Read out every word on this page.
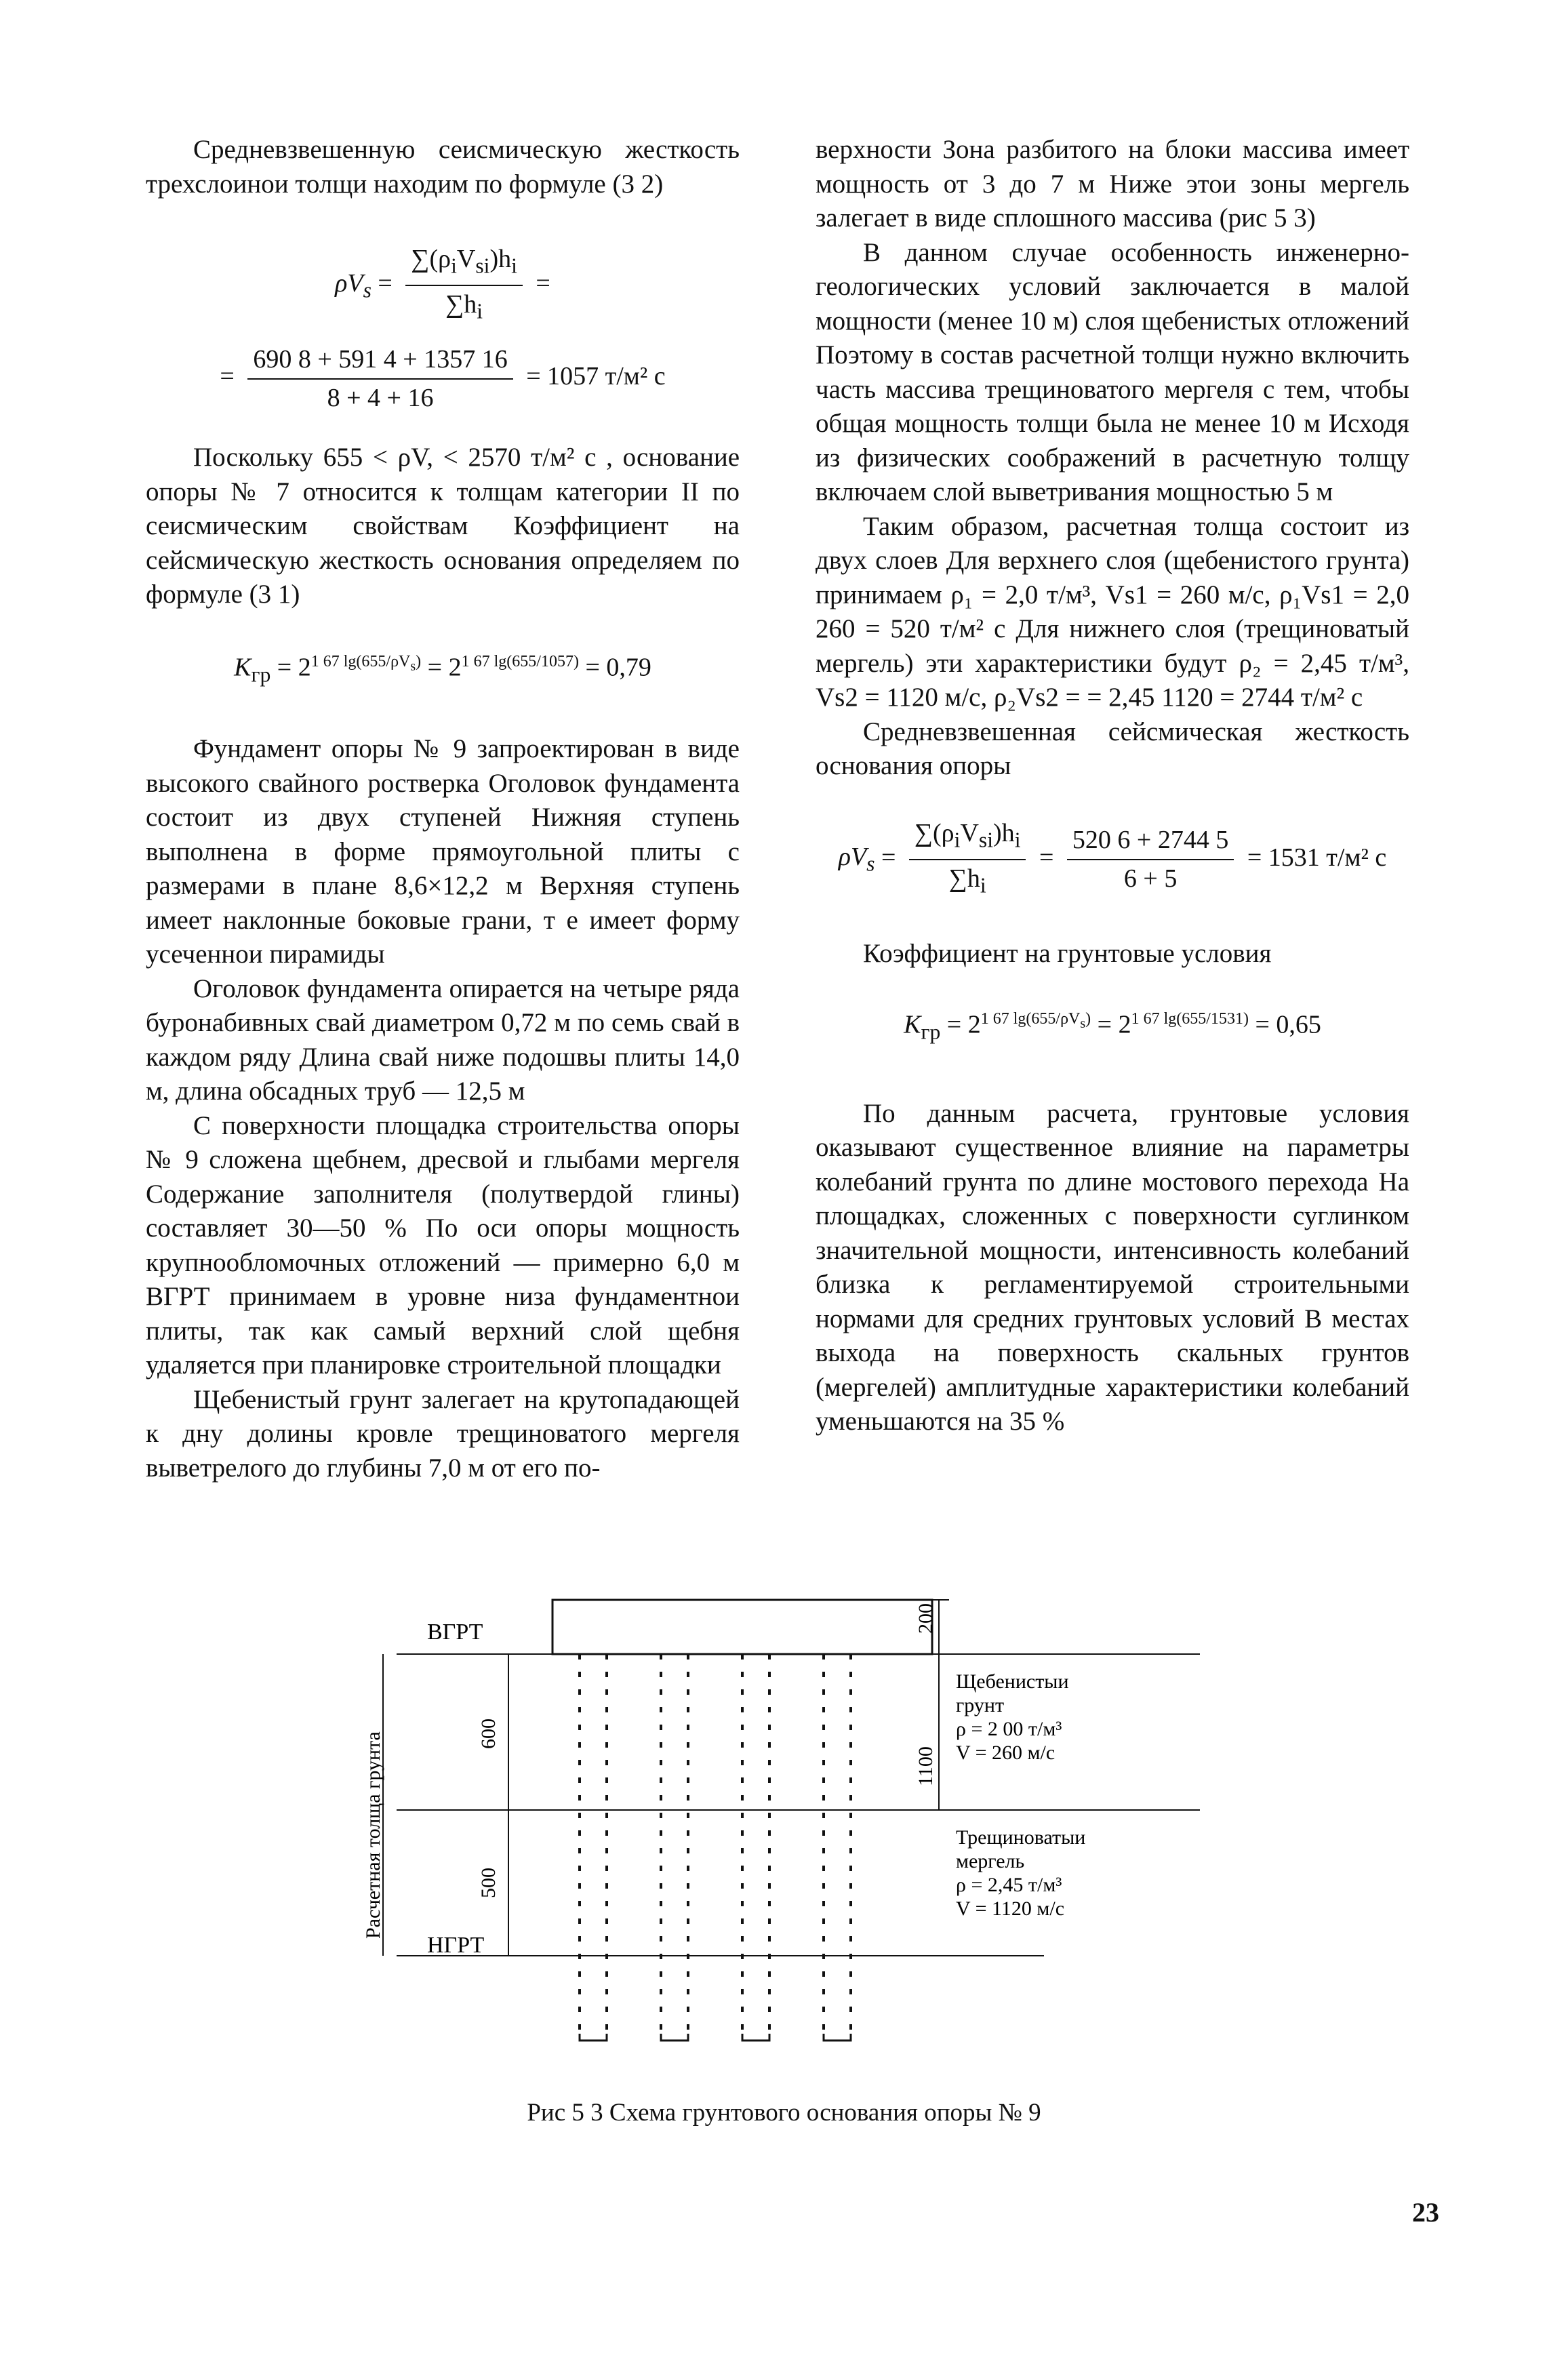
Средневзвешенную сеисмическую жесткость трехслоинои толщи находим по формуле (3 2)

$\rho V_s = \frac{\sum(\rho_iV_{si})h_i}{\sum h_i}$ =
= $\frac{690 8 + 591 4 + 1357 16}{8 + 4 + 16} = 1057$ т/м² с

Поскольку 655 < ρV, < 2570 т/м² с , основание опоры № 7 относится к толщам категории II по сеисмическим свойствам Коэффициент на сейсмическую жесткость основания определяем по формуле (3 1)

$K_{гр} = 2^{1 67 lg(655/\rho V_s)} = 2^{1 67 lg(655/1057)} = 0,79$

Фундамент опоры № 9 запроектирован в виде высокого свайного ростверка Оголовок фундамента состоит из двух ступеней Нижняя ступень выполнена в форме прямоугольной плиты с размерами в плане 8,6×12,2 м Верхняя ступень имеет наклонные боковые грани, т е имеет форму усеченнои пирамиды

Оголовок фундамента опирается на четыре ряда буронабивных свай диаметром 0,72 м по семь свай в каждом ряду Длина свай ниже подошвы плиты 14,0 м, длина обсадных труб — 12,5 м

С поверхности площадка строительства опоры № 9 сложена щебнем, дресвой и глыбами мергеля Содержание заполнителя (полутвердой глины) составляет 30—50 % По оси опоры мощность крупнообломочных отложений — примерно 6,0 м ВГРТ принимаем в уровне низа фундаментнои плиты, так как самый верхний слой щебня удаляется при планировке строительной площадки

Щебенистый грунт залегает на крутопадающей к дну долины кровле трещиноватого мергеля выветрелого до глубины 7,0 м от его по-

верхности Зона разбитого на блоки массива имеет мощность от 3 до 7 м Ниже этои зоны мергель залегает в виде сплошного массива (рис 5 3)

В данном случае особенность инженерно-геологических условий заключается в малой мощности (менее 10 м) слоя щебенистых отложений Поэтому в состав расчетной толщи нужно включить часть массива трещиноватого мергеля с тем, чтобы общая мощность толщи была не менее 10 м Исходя из физических соображений в расчетную толщу включаем слой выветривания мощностью 5 м

Таким образом, расчетная толща состоит из двух слоев Для верхнего слоя (щебенистого грунта) принимаем ρ₁ = 2,0 т/м³, Vs1 = 260 м/с, ρ₁Vs1 = 2,0 260 = 520 т/м² с Для нижнего слоя (трещиноватый мергель) эти характеристики будут ρ₂ = 2,45 т/м³, Vs2 = 1120 м/с, ρ₂Vs2 = = 2,45 1120 = 2744 т/м² с

Средневзвешенная сейсмическая жесткость основания опоры

$\rho V_s = \frac{\sum(\rho_iV_{si})h_i}{\sum h_i} = \frac{520 6 + 2744 5}{6 + 5} = 1531$ т/м² с

Коэффициент на грунтовые условия

$K_{гр} = 2^{1 67 lg(655/\rho V_s)} = 2^{1 67 lg(655/1531)} = 0,65$

По данным расчета, грунтовые условия оказывают существенное влияние на параметры колебаний грунта по длине мостового перехода На площадках, сложенных с поверхности суглинком значительной мощности, интенсивность колебаний близка к регламентируемой строительными нормами для средних грунтовых условий В местах выхода на поверхность скальных грунтов (мергелей) амплитудные характеристики колебаний уменьшаются на 35 %

ВГРТ
НГРТ
200
600
500
1100
Расчетная толща грунта
Щебенистыи
грунт
ρ = 2 00 т/м³
V = 260 м/с
Трещиноватыи
мергель
ρ = 2,45 т/м³
V = 1120 м/с
Рис 5 3 Схема грунтового основания опоры № 9
23
